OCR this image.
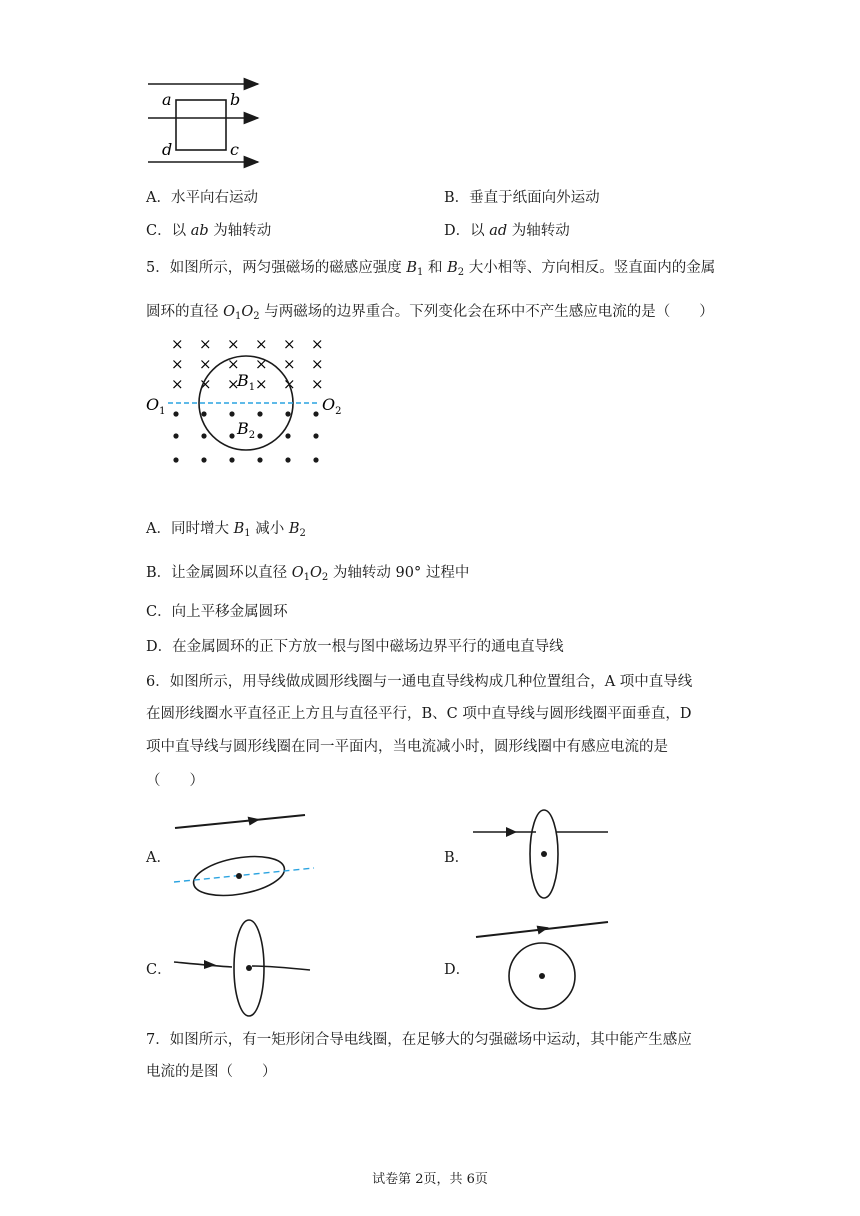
a	b
d	c
A．水平向右运动	B．垂直于纸面向外运动
C．以 ab 为轴转动	D．以 ad 为轴转动
5．如图所示，两匀强磁场的磁感应强度 $B_1$ 和 $B_2$ 大小相等、方向相反。竖直面内的金属
圆环的直径 $O_1O_2$ 与两磁场的边界重合。下列变化会在环中不产生感应电流的是（　　）
× × × × × ×
× × × × × ×
× × × × × ×
$O_1$	$O_2$
$B_1$
$B_2$
A．同时增大 $B_1$ 减小 $B_2$
B．让金属圆环以直径 $O_1O_2$ 为轴转动 90° 过程中
C．向上平移金属圆环
D．在金属圆环的正下方放一根与图中磁场边界平行的通电直导线
6．如图所示，用导线做成圆形线圈与一通电直导线构成几种位置组合，A 项中直导线
在圆形线圈水平直径正上方且与直径平行，B、C 项中直导线与圆形线圈平面垂直，D
项中直导线与圆形线圈在同一平面内，当电流减小时，圆形线圈中有感应电流的是
（　　）
A．	B．
C．	D．
7．如图所示，有一矩形闭合导电线圈，在足够大的匀强磁场中运动，其中能产生感应
电流的是图（　　）
试卷第 2页，共 6页
